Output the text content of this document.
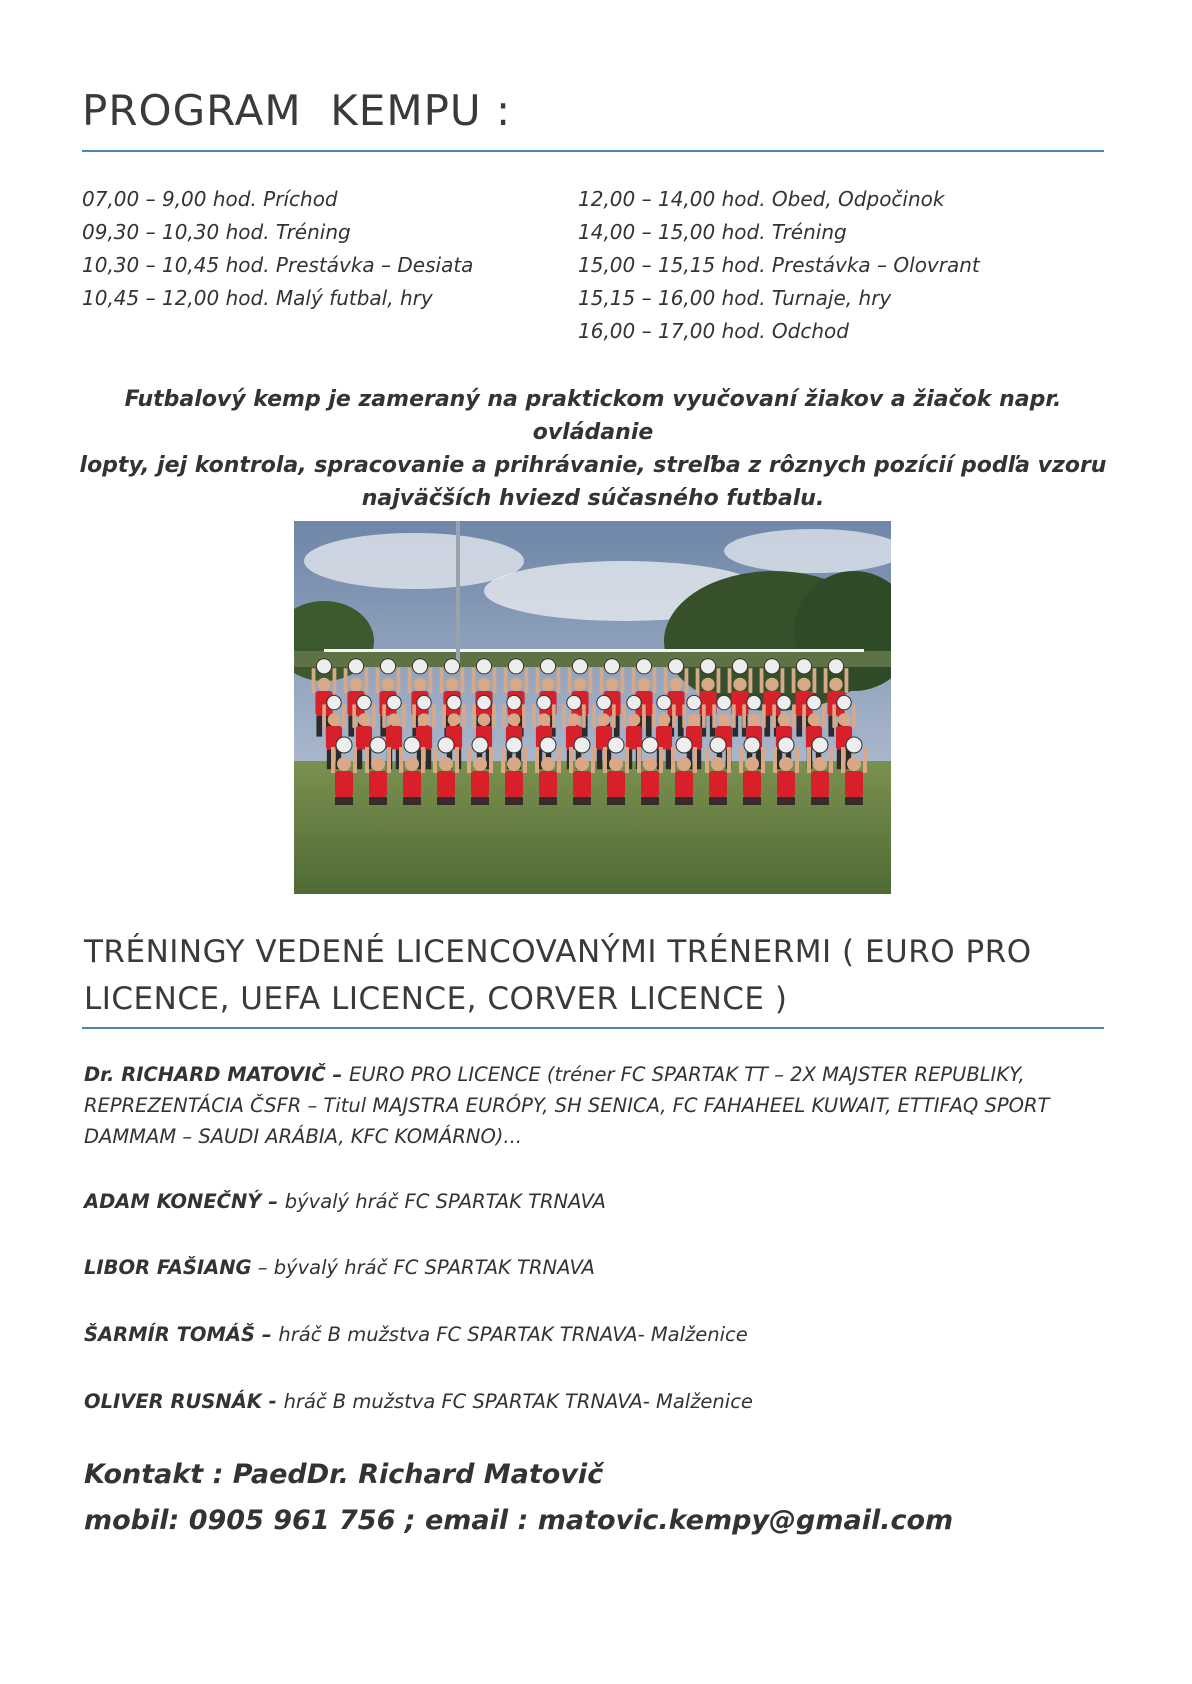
PROGRAM  KEMPU :
07,00 – 9,00 hod. Príchod
09,30 – 10,30 hod. Tréning
10,30 – 10,45 hod. Prestávka – Desiata
10,45 – 12,00 hod. Malý futbal, hry
12,00 – 14,00 hod. Obed, Odpočinok
14,00 – 15,00 hod. Tréning
15,00 – 15,15 hod. Prestávka – Olovrant
15,15 – 16,00 hod. Turnaje, hry
16,00 – 17,00 hod. Odchod
Futbalový kemp je zameraný na praktickom vyučovaní žiakov a žiačok napr. ovládanie
lopty, jej kontrola, spracovanie a prihrávanie, streľba z rôznych pozícií podľa vzoru
najväčších hviezd súčasného futbalu.
TRÉNINGY VEDENÉ LICENCOVANÝMI TRÉNERMI ( EURO PRO
LICENCE, UEFA LICENCE, CORVER LICENCE )
Dr. RICHARD MATOVIČ – EURO PRO LICENCE (tréner FC SPARTAK TT – 2X MAJSTER REPUBLIKY,
REPREZENTÁCIA ČSFR – Titul MAJSTRA EURÓPY, SH SENICA, FC FAHAHEEL KUWAIT, ETTIFAQ SPORT
DAMMAM – SAUDI ARÁBIA, KFC KOMÁRNO)...
ADAM KONEČNÝ – bývalý hráč FC SPARTAK TRNAVA
LIBOR FAŠIANG – bývalý hráč FC SPARTAK TRNAVA
ŠARMÍR TOMÁŠ – hráč B mužstva FC SPARTAK TRNAVA- Malženice
OLIVER RUSNÁK - hráč B mužstva FC SPARTAK TRNAVA- Malženice
Kontakt : PaedDr. Richard Matovič
mobil: 0905 961 756 ; email : matovic.kempy@gmail.com
